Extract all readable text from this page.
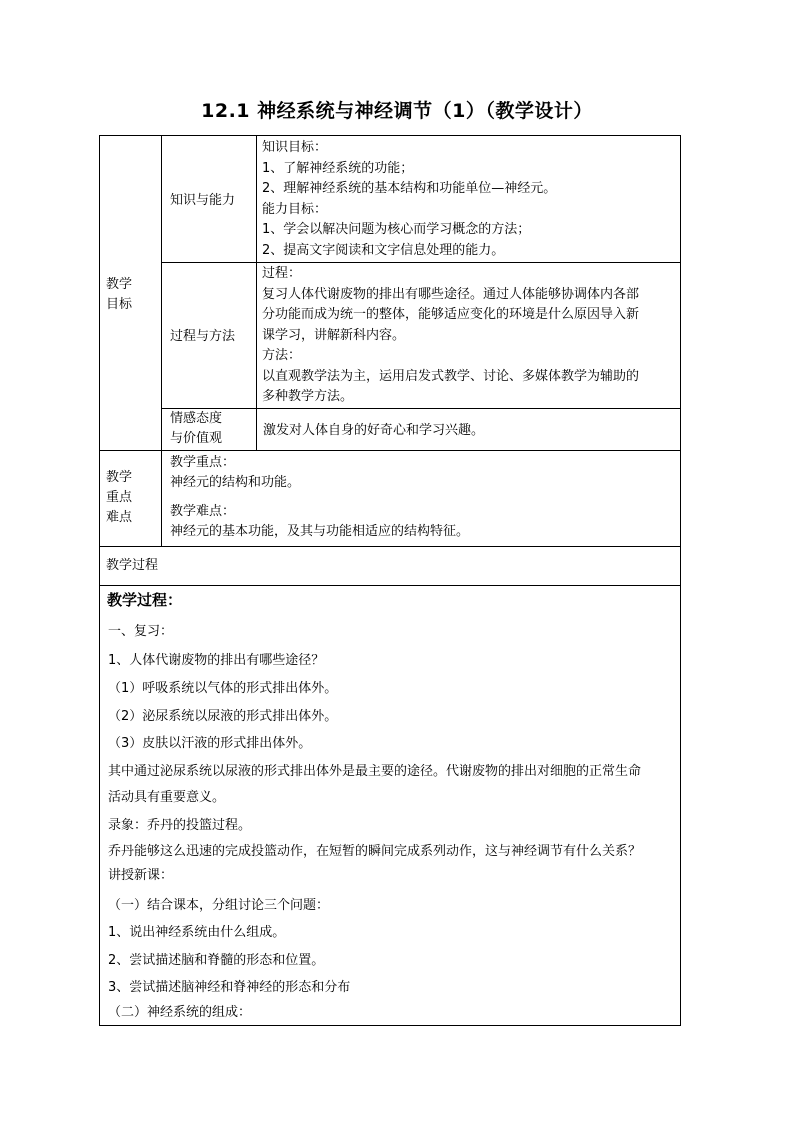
12.1 神经系统与神经调节（1）（教学设计）
教学
目标
知识与能力
知识目标：
1、了解神经系统的功能；
2、理解神经系统的基本结构和功能单位—神经元。
能力目标：
1、学会以解决问题为核心而学习概念的方法；
2、提高文字阅读和文字信息处理的能力。
过程与方法
过程：
复习人体代谢废物的排出有哪些途径。通过人体能够协调体内各部
分功能而成为统一的整体，能够适应变化的环境是什么原因导入新
课学习，讲解新科内容。
方法：
以直观教学法为主，运用启发式教学、讨论、多媒体教学为辅助的
多种教学方法。
情感态度
与价值观
激发对人体自身的好奇心和学习兴趣。
教学
重点
难点
教学重点：
神经元的结构和功能。
教学难点：
神经元的基本功能，及其与功能相适应的结构特征。
教学过程
教学过程：
一、复习：
1、人体代谢废物的排出有哪些途径？
（1）呼吸系统以气体的形式排出体外。
（2）泌尿系统以尿液的形式排出体外。
（3）皮肤以汗液的形式排出体外。
其中通过泌尿系统以尿液的形式排出体外是最主要的途径。代谢废物的排出对细胞的正常生命
活动具有重要意义。
录象：乔丹的投篮过程。
乔丹能够这么迅速的完成投篮动作，在短暂的瞬间完成系列动作，这与神经调节有什么关系？
讲授新课：
（一）结合课本，分组讨论三个问题：
1、说出神经系统由什么组成。
2、尝试描述脑和脊髓的形态和位置。
3、尝试描述脑神经和脊神经的形态和分布
（二）神经系统的组成：
